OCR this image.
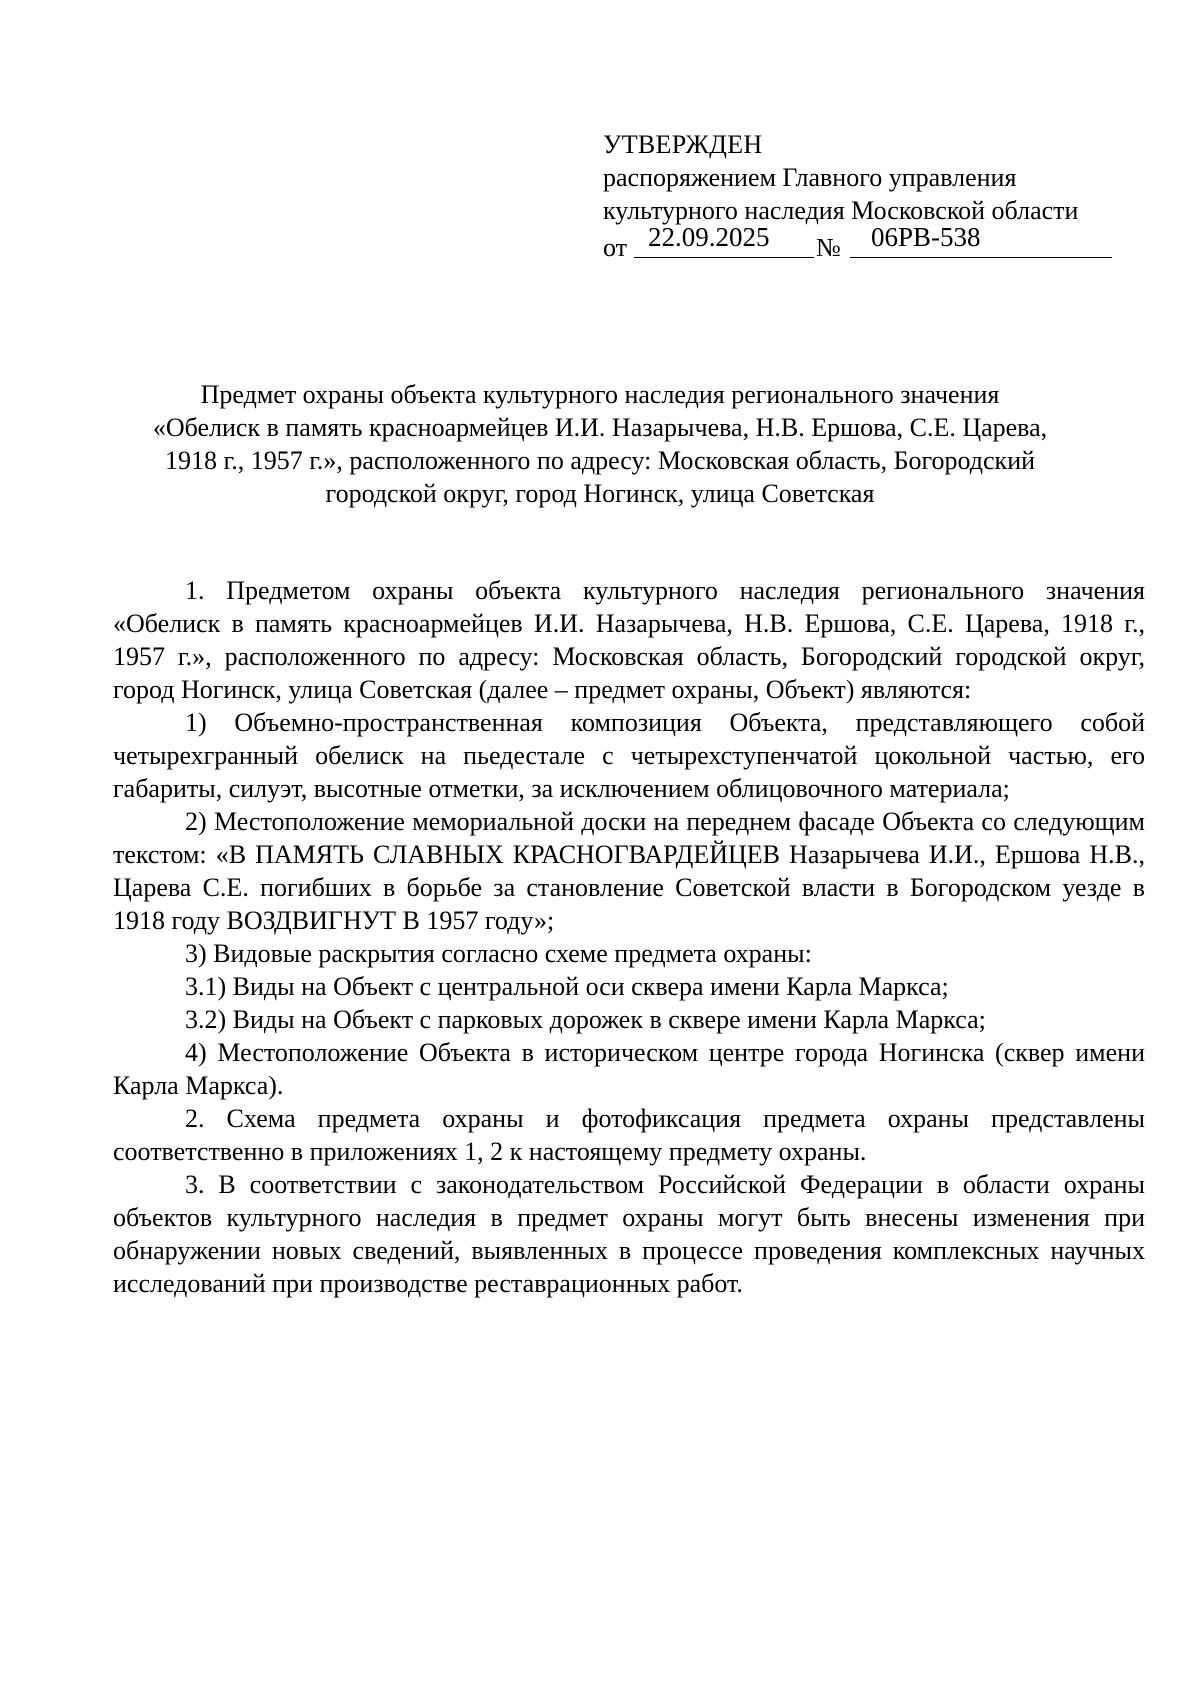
УТВЕРЖДЕН
распоряжением Главного управления
культурного наследия Московской области
от 22.09.2025 № 06РВ-538
Предмет охраны объекта культурного наследия регионального значения
«Обелиск в память красноармейцев И.И. Назарычева, Н.В. Ершова, С.Е. Царева,
1918 г., 1957 г.», расположенного по адресу: Московская область, Богородский
городской округ, город Ногинск, улица Советская

1. Предметом охраны объекта культурного наследия регионального значения «Обелиск в память красноармейцев И.И. Назарычева, Н.В. Ершова, С.Е. Царева, 1918 г., 1957 г.», расположенного по адресу: Московская область, Богородский городской округ, город Ногинск, улица Советская (далее – предмет охраны, Объект) являются:

1) Объемно-пространственная композиция Объекта, представляющего собой четырехгранный обелиск на пьедестале с четырехступенчатой цокольной частью, его габариты, силуэт, высотные отметки, за исключением облицовочного материала;

2) Местоположение мемориальной доски на переднем фасаде Объекта со следующим текстом: «В ПАМЯТЬ СЛАВНЫХ КРАСНОГВАРДЕЙЦЕВ Назарычева И.И., Ершова Н.В., Царева С.Е. погибших в борьбе за становление Советской власти в Богородском уезде в 1918 году ВОЗДВИГНУТ В 1957 году»;

3) Видовые раскрытия согласно схеме предмета охраны:

3.1) Виды на Объект с центральной оси сквера имени Карла Маркса;

3.2) Виды на Объект с парковых дорожек в сквере имени Карла Маркса;

4) Местоположение Объекта в историческом центре города Ногинска (сквер имени Карла Маркса).

2. Схема предмета охраны и фотофиксация предмета охраны представлены соответственно в приложениях 1, 2 к настоящему предмету охраны.

3. В соответствии с законодательством Российской Федерации в области охраны объектов культурного наследия в предмет охраны могут быть внесены изменения при обнаружении новых сведений, выявленных в процессе проведения комплексных научных исследований при производстве реставрационных работ.
